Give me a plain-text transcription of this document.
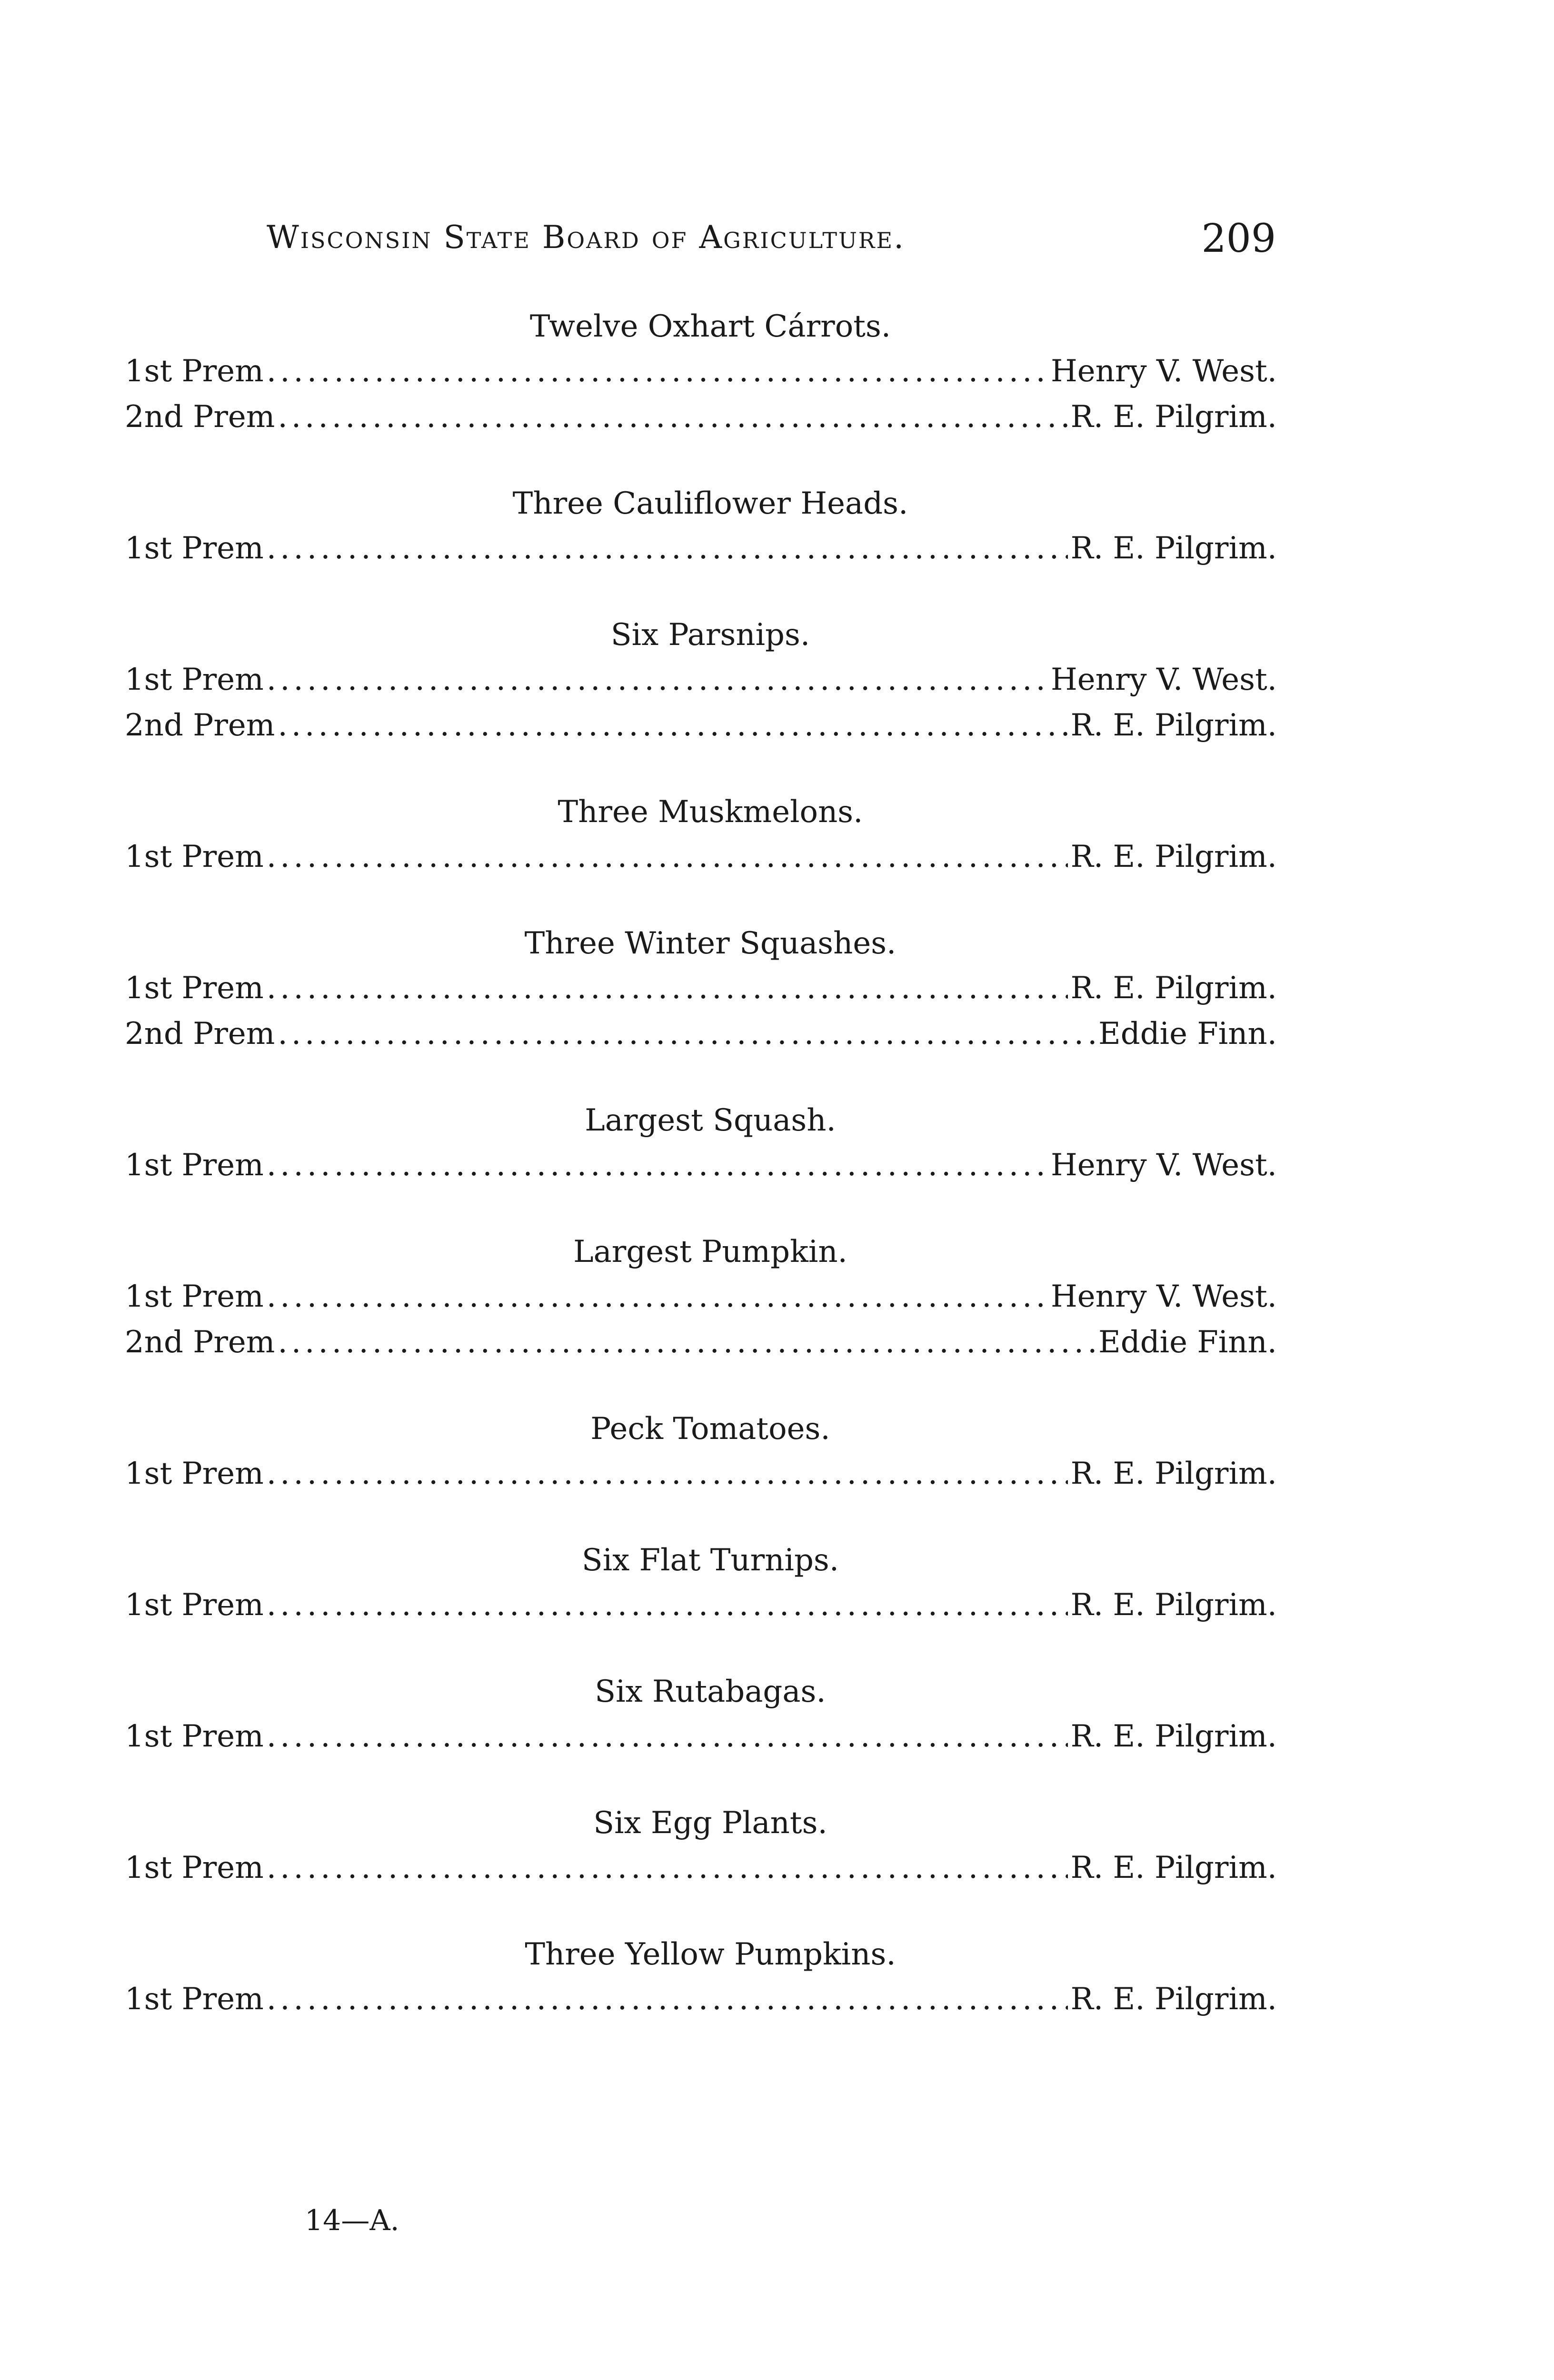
Wisconsin State Board of Agriculture.	209
Twelve Oxhart Cárrots.
1st Prem .....	Henry V. West.
2nd Prem .....	R. E. Pilgrim.
Three Cauliflower Heads.
1st Prem .....	R. E. Pilgrim.
Six Parsnips.
1st Prem .....	Henry V. West.
2nd Prem .....	R. E. Pilgrim.
Three Muskmelons.
1st Prem .....	R. E. Pilgrim.
Three Winter Squashes.
1st Prem .....	R. E. Pilgrim.
2nd Prem .....	Eddie Finn.
Largest Squash.
1st Prem .....	Henry V. West.
Largest Pumpkin.
1st Prem .....	Henry V. West.
2nd Prem .....	Eddie Finn.
Peck Tomatoes.
1st Prem .....	R. E. Pilgrim.
Six Flat Turnips.
1st Prem .....	R. E. Pilgrim.
Six Rutabagas.
1st Prem .....	R. E. Pilgrim.
Six Egg Plants.
1st Prem .....	R. E. Pilgrim.
Three Yellow Pumpkins.
1st Prem .....	R. E. Pilgrim.
14—A.
